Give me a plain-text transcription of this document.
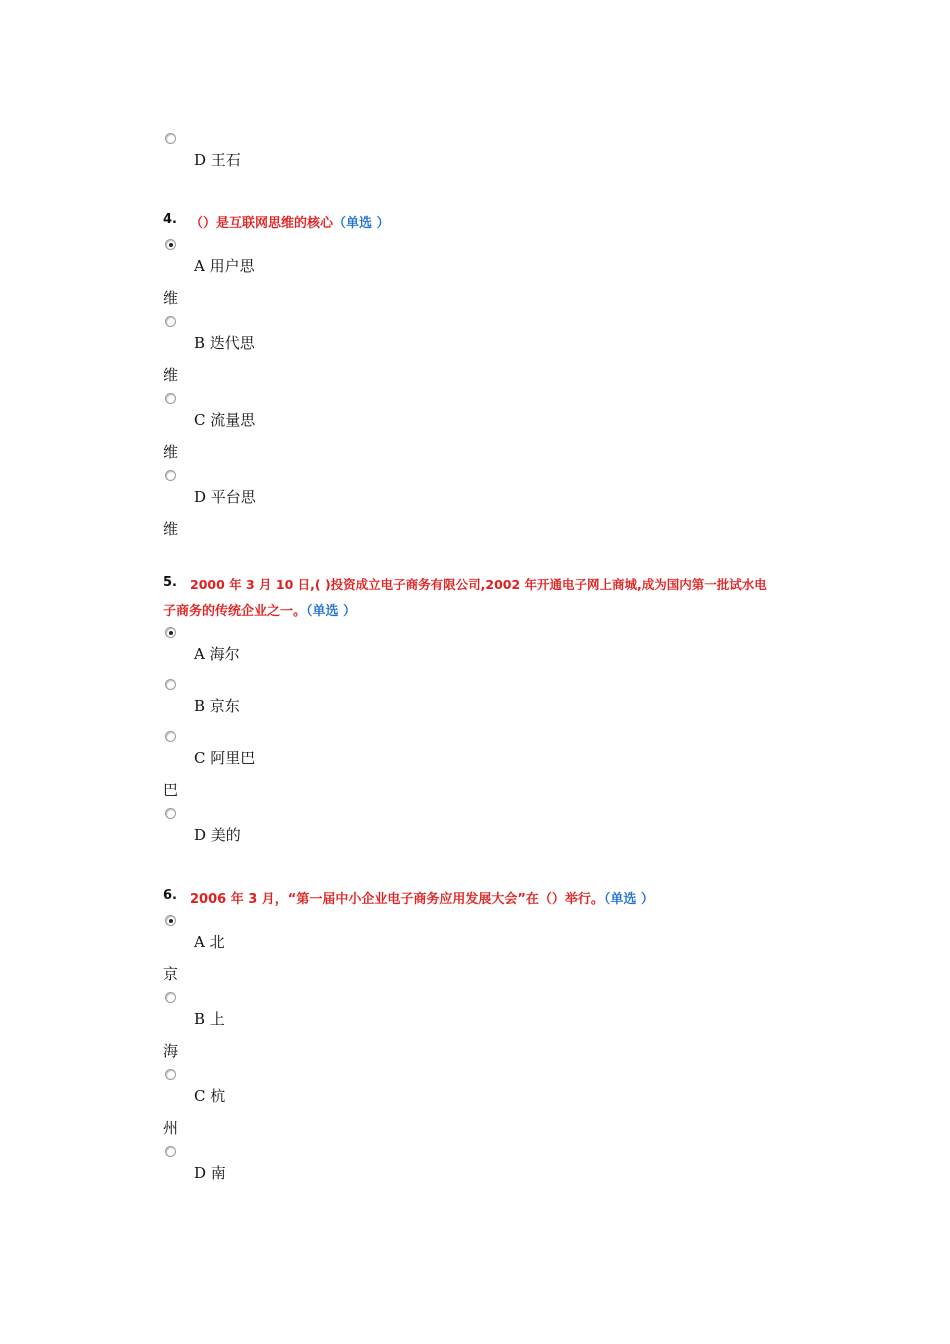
D 王石
4. （）是互联网思维的核心（单选 ）
A 用户思
维
B 迭代思
维
C 流量思
维
D 平台思
维
5. 2000 年 3 月 10 日,( )投资成立电子商务有限公司,2002 年开通电子网上商城,成为国内第一批试水电
子商务的传统企业之一。（单选 ）
A 海尔
B 京东
C 阿里巴
巴
D 美的
6. 2006 年 3 月，“第一届中小企业电子商务应用发展大会”在（）举行。（单选 ）
A 北
京
B 上
海
C 杭
州
D 南
